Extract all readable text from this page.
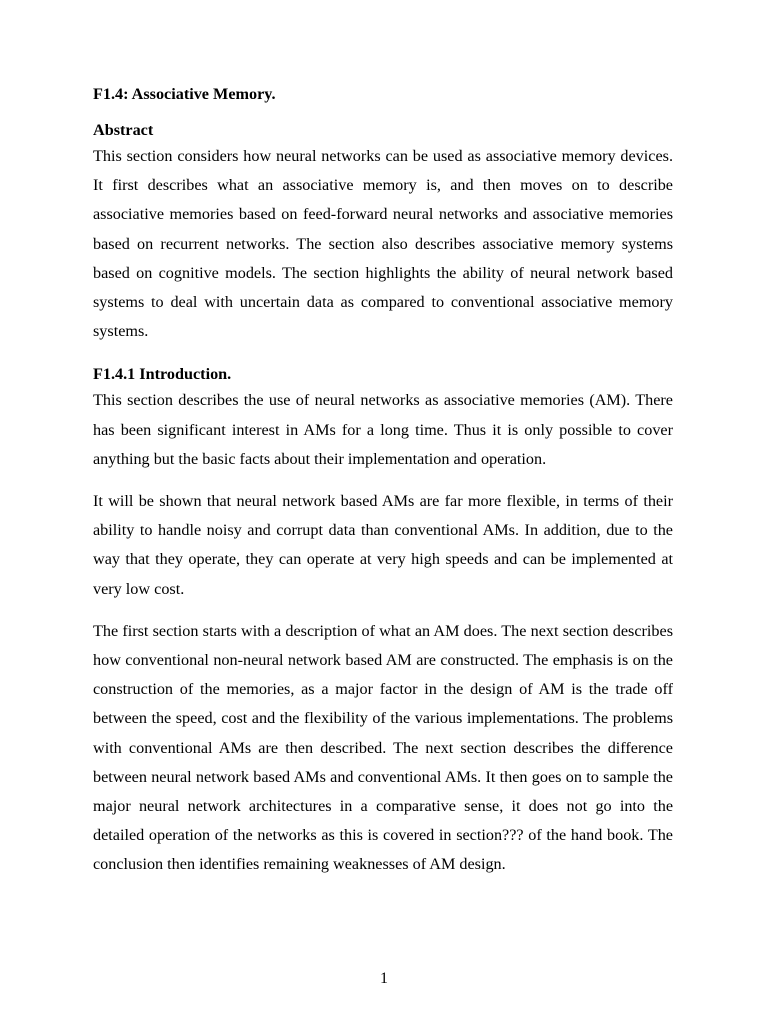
F1.4: Associative Memory.
Abstract

This section considers how neural networks can be used as associative memory devices. It first describes what an associative memory is, and then moves on to describe associative memories based on feed-forward neural networks and associative memories based on recurrent networks. The section also describes associative memory systems based on cognitive models. The section highlights the ability of neural network based systems to deal with uncertain data as compared to conventional associative memory systems.

F1.4.1 Introduction.

This section describes the use of neural networks as associative memories (AM). There has been significant interest in AMs for a long time. Thus it is only possible to cover anything but the basic facts about their implementation and operation.

It will be shown that neural network based AMs are far more flexible, in terms of their ability to handle noisy and corrupt data than conventional AMs. In addition, due to the way that they operate, they can operate at very high speeds and can be implemented at very low cost.

The first section starts with a description of what an AM does. The next section describes how conventional non-neural network based AM are constructed. The emphasis is on the construction of the memories, as a major factor in the design of AM is the trade off between the speed, cost and the flexibility of the various implementations. The problems with conventional AMs are then described. The next section describes the difference between neural network based AMs and conventional AMs. It then goes on to sample the major neural network architectures in a comparative sense, it does not go into the detailed operation of the networks as this is covered in section??? of the hand book. The conclusion then identifies remaining weaknesses of AM design.

1
